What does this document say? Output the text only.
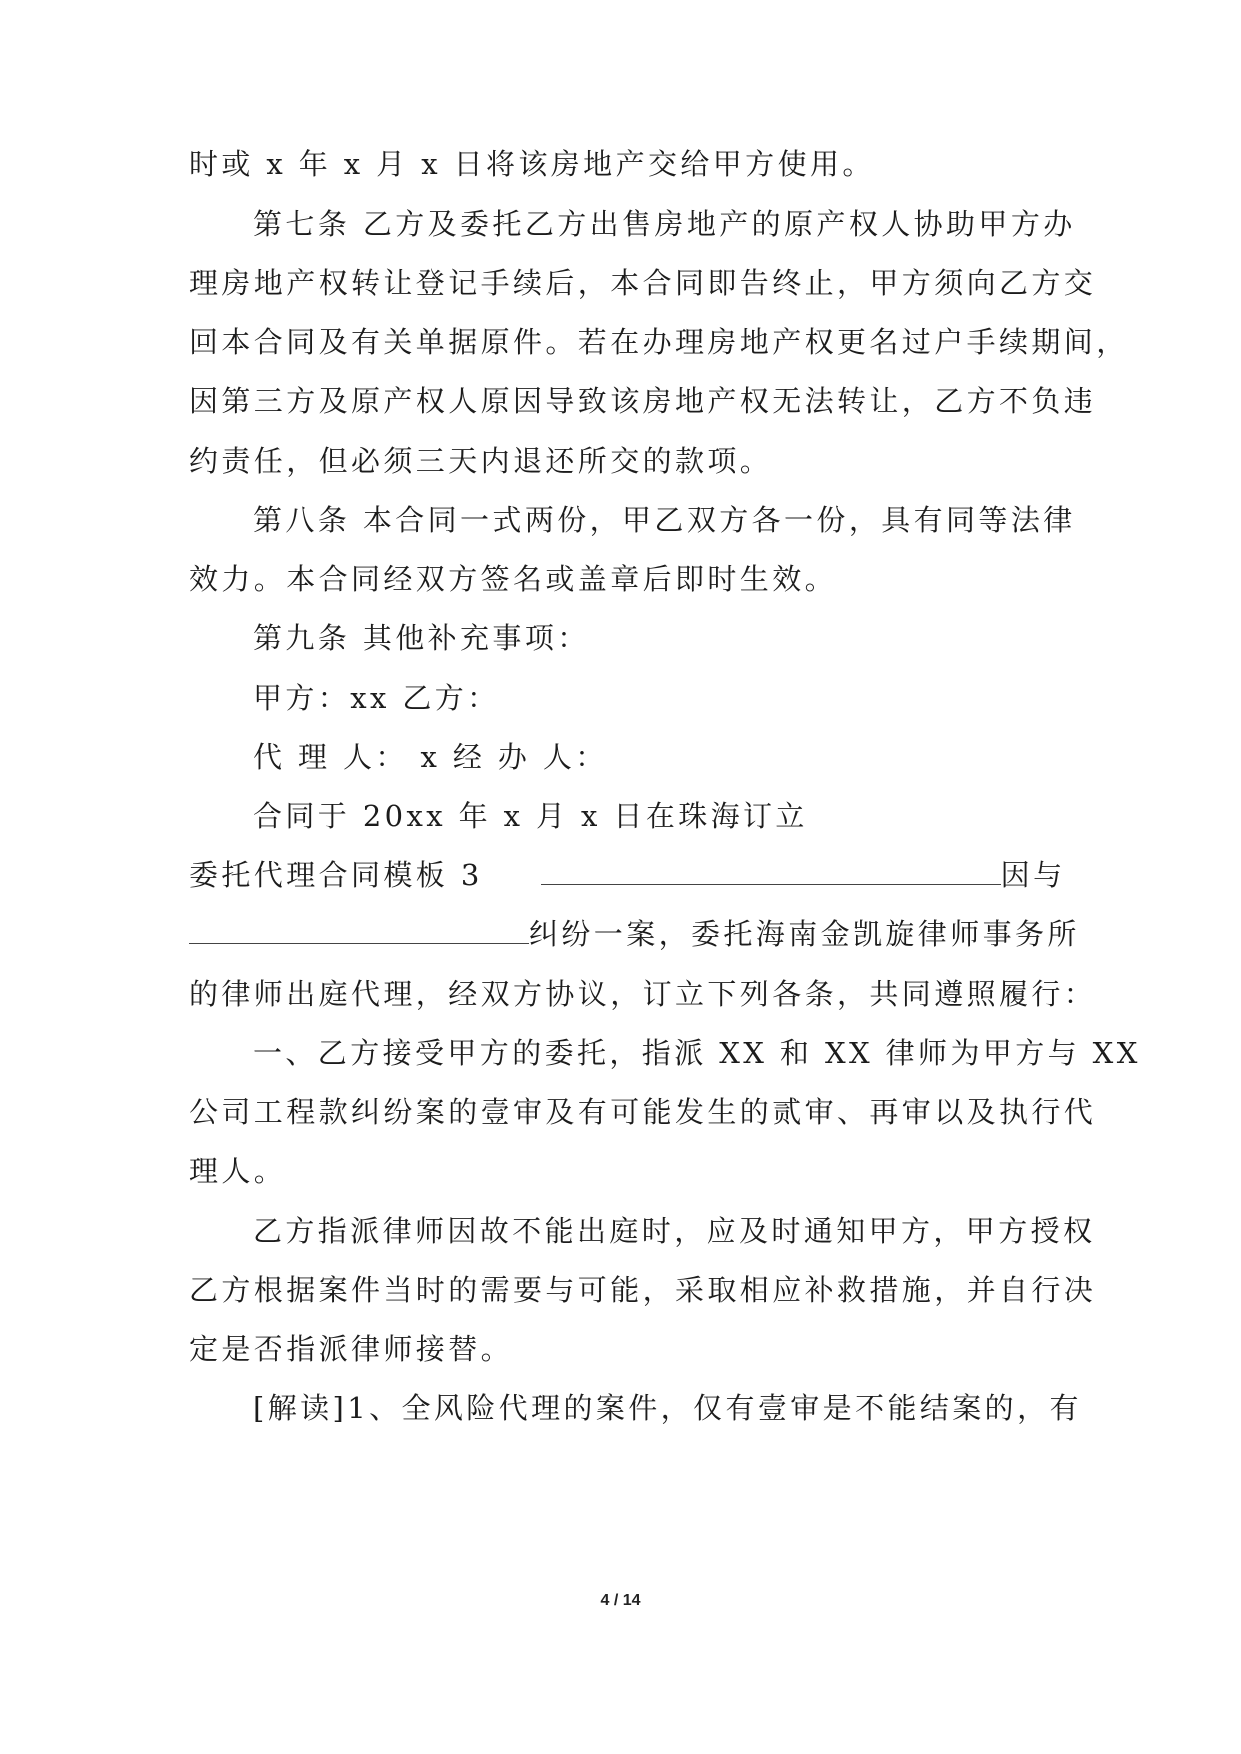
时或 x 年 x 月 x 日将该房地产交给甲方使用。
第七条 乙方及委托乙方出售房地产的原产权人协助甲方办
理房地产权转让登记手续后，本合同即告终止，甲方须向乙方交
回本合同及有关单据原件。若在办理房地产权更名过户手续期间，
因第三方及原产权人原因导致该房地产权无法转让，乙方不负违
约责任，但必须三天内退还所交的款项。
第八条 本合同一式两份，甲乙双方各一份，具有同等法律
效力。本合同经双方签名或盖章后即时生效。
第九条 其他补充事项：
甲方：xx 乙方：
代 理 人： x 经 办 人：
合同于 20xx 年 x 月 x 日在珠海订立
委托代理合同模板 3	因与
纠纷一案，委托海南金凯旋律师事务所
的律师出庭代理，经双方协议，订立下列各条，共同遵照履行：
一、乙方接受甲方的委托，指派 XX 和 XX 律师为甲方与 XX
公司工程款纠纷案的壹审及有可能发生的贰审、再审以及执行代
理人。
乙方指派律师因故不能出庭时，应及时通知甲方，甲方授权
乙方根据案件当时的需要与可能，采取相应补救措施，并自行决
定是否指派律师接替。
[解读]1、全风险代理的案件，仅有壹审是不能结案的，有
4 / 14
